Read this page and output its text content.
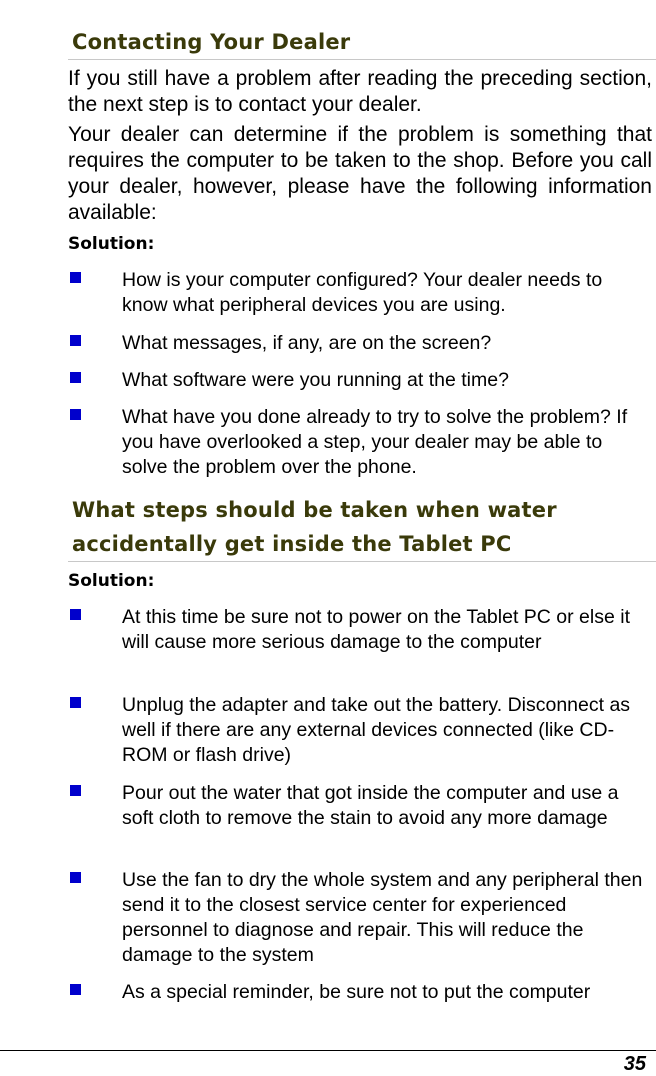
Contacting Your Dealer

If you still have a problem after reading the preceding section, the next step is to contact your dealer.

Your dealer can determine if the problem is something that requires the computer to be taken to the shop. Before you call your dealer, however, please have the following information available:

Solution:

How is your computer configured? Your dealer needs to know what peripheral devices you are using.

What messages, if any, are on the screen?

What software were you running at the time?

What have you done already to try to solve the problem? If you have overlooked a step, your dealer may be able to solve the problem over the phone.

What steps should be taken when water
accidentally get inside the Tablet PC
Solution:

At this time be sure not to power on the Tablet PC or else it will cause more serious damage to the computer

Unplug the adapter and take out the battery. Disconnect as well if there are any external devices connected (like CD-ROM or flash drive)

Pour out the water that got inside the computer and use a soft cloth to remove the stain to avoid any more damage

Use the fan to dry the whole system and any peripheral then send it to the closest service center for experienced personnel to diagnose and repair. This will reduce the damage to the system

As a special reminder, be sure not to put the computer

35
